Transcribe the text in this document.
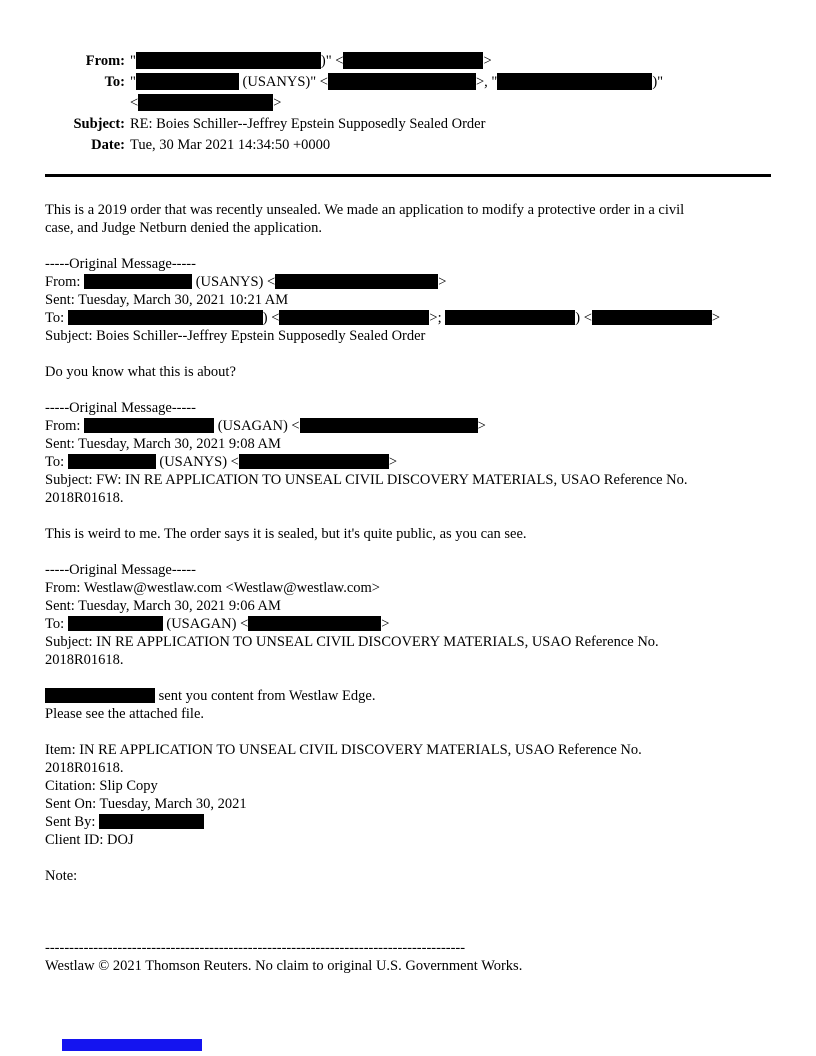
From: "	)" <	>
To: "	(USANYS)" <	>, "	)"
<	>
Subject: RE: Boies Schiller--Jeffrey Epstein Supposedly Sealed Order
Date: Tue, 30 Mar 2021 14:34:50 +0000
This is a 2019 order that was recently unsealed. We made an application to modify a protective order in a civil
case, and Judge Netburn denied the application.
-----Original Message-----
From:	(USANYS) <	>
Sent: Tuesday, March 30, 2021 10:21 AM
To:	) <	>;	) <	>
Subject: Boies Schiller--Jeffrey Epstein Supposedly Sealed Order
Do you know what this is about?
-----Original Message-----
From:	(USAGAN) <	>
Sent: Tuesday, March 30, 2021 9:08 AM
To:	(USANYS) <	>
Subject: FW: IN RE APPLICATION TO UNSEAL CIVIL DISCOVERY MATERIALS, USAO Reference No.
2018R01618.
This is weird to me. The order says it is sealed, but it's quite public, as you can see.
-----Original Message-----
From: Westlaw@westlaw.com <Westlaw@westlaw.com>
Sent: Tuesday, March 30, 2021 9:06 AM
To:	(USAGAN) <	>
Subject: IN RE APPLICATION TO UNSEAL CIVIL DISCOVERY MATERIALS, USAO Reference No.
2018R01618.
sent you content from Westlaw Edge.
Please see the attached file.
Item: IN RE APPLICATION TO UNSEAL CIVIL DISCOVERY MATERIALS, USAO Reference No.
2018R01618.
Citation: Slip Copy
Sent On: Tuesday, March 30, 2021
Sent By:
Client ID: DOJ
Note:
---------------------------------------------------------------------------------------
Westlaw © 2021 Thomson Reuters. No claim to original U.S. Government Works.
